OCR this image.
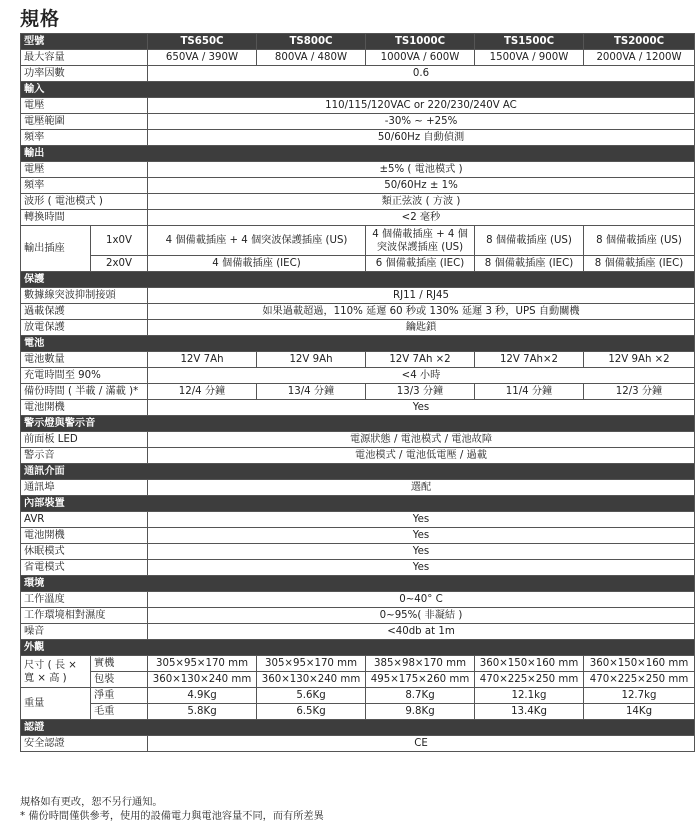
規格
型號		TS650C	TS800C	TS1000C	TS1500C	TS2000C
最大容量		650VA / 390W	800VA / 480W	1000VA / 600W	1500VA / 900W	2000VA / 1200W
功率因數		0.6				
輸入						
電壓		110/115/120VAC or 220/230/240V AC				
電壓範圍		-30% ~ +25%				
頻率		50/60Hz 自動偵測				
輸出						
電壓		±5% ( 電池模式 )				
頻率		50/60Hz ± 1%				
波形 ( 電池模式 )		類正弦波 ( 方波 )				
轉換時間		<2 毫秒				
輸出插座	1x0V	4 個備載插座 + 4 個突波保護插座 (US)		4 個備載插座 + 4 個突波保護插座 (US)	8 個備載插座 (US)	8 個備載插座 (US)
	2x0V	4 個備載插座 (IEC)		6 個備載插座 (IEC)	8 個備載插座 (IEC)	8 個備載插座 (IEC)
保護						
數據線突波抑制接頭		RJ11 / RJ45				
過載保護		如果過載超過，110% 延遲 60 秒或 130% 延遲 3 秒，UPS 自動關機				
放電保護		鑰匙鎖				
電池						
電池數量		12V 7Ah	12V 9Ah	12V 7Ah ×2	12V 7Ah×2	12V 9Ah ×2
充電時間至 90%		<4 小時				
備份時間 ( 半載 / 滿載 )*		12/4 分鐘	13/4 分鐘	13/3 分鐘	11/4 分鐘	12/3 分鐘
電池開機		Yes				
警示燈與警示音						
前面板 LED		電源狀態 / 電池模式 / 電池故障				
警示音		電池模式 / 電池低電壓 / 過載				
通訊介面						
通訊埠		選配				
內部裝置						
AVR		Yes				
電池開機		Yes				
休眠模式		Yes				
省電模式		Yes				
環境						
工作溫度		0~40° C				
工作環境相對濕度		0~95%( 非凝結 )				
噪音		<40db at 1m				
外觀						
尺寸 ( 長 × 寬 × 高 )	實機	305×95×170 mm	305×95×170 mm	385×98×170 mm	360×150×160 mm	360×150×160 mm
	包裝	360×130×240 mm	360×130×240 mm	495×175×260 mm	470×225×250 mm	470×225×250 mm
重量	淨重	4.9Kg	5.6Kg	8.7Kg	12.1kg	12.7kg
	毛重	5.8Kg	6.5Kg	9.8Kg	13.4Kg	14Kg
認證						
安全認證		CE				
規格如有更改，恕不另行通知。
* 備份時間僅供參考，使用的設備電力與電池容量不同，而有所差異
